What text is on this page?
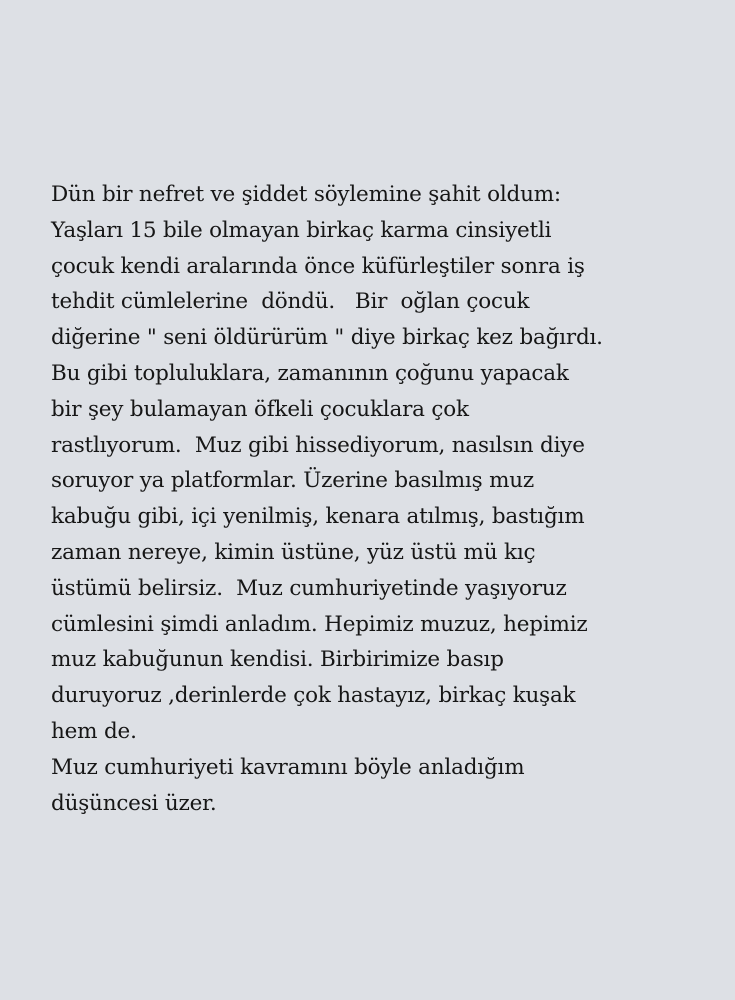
Dün bir nefret ve şiddet söylemine şahit oldum:
Yaşları 15 bile olmayan birkaç karma cinsiyetli
çocuk kendi aralarında önce küfürleştiler sonra iş
tehdit cümlelerine  döndü.   Bir  oğlan çocuk
diğerine " seni öldürürüm " diye birkaç kez bağırdı.
Bu gibi topluluklara, zamanının çoğunu yapacak
bir şey bulamayan öfkeli çocuklara çok
rastlıyorum.  Muz gibi hissediyorum, nasılsın diye
soruyor ya platformlar. Üzerine basılmış muz
kabuğu gibi, içi yenilmiş, kenara atılmış, bastığım
zaman nereye, kimin üstüne, yüz üstü mü kıç
üstümü belirsiz.  Muz cumhuriyetinde yaşıyoruz
cümlesini şimdi anladım. Hepimiz muzuz, hepimiz
muz kabuğunun kendisi. Birbirimize basıp
duruyoruz ,derinlerde çok hastayız, birkaç kuşak
hem de.
Muz cumhuriyeti kavramını böyle anladığım
düşüncesi üzer.
